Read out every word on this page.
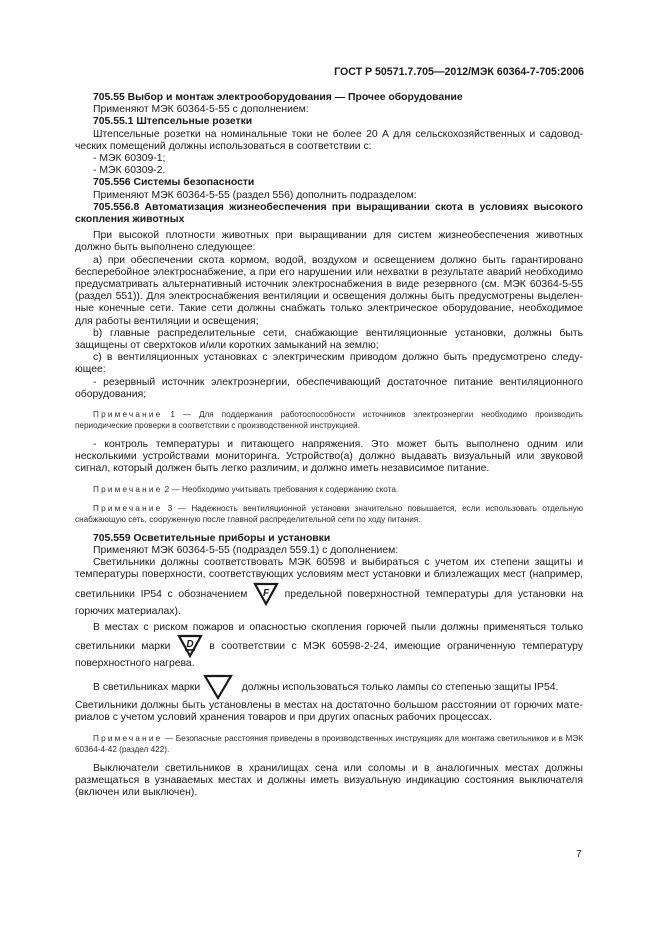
ГОСТ Р 50571.7.705—2012/МЭК 60364-7-705:2006

705.55 Выбор и монтаж электрооборудования — Прочее оборудование

Применяют МЭК 60364-5-55 с дополнением:

705.55.1 Штепсельные розетки

Штепсельные розетки на номинальные токи не более 20 А для сельскохозяйственных и садоводческих помещений должны использоваться в соответствии с:

- МЭК 60309-1;

- МЭК 60309-2.

705.556 Системы безопасности

Применяют МЭК 60364-5-55 (раздел 556) дополнить подразделом:

705.556.8 Автоматизация жизнеобеспечения при выращивании скота в условиях высокого скопления животных

При высокой плотности животных при выращивании для систем жизнеобеспечения животных должно быть выполнено следующее:

а) при обеспечении скота кормом, водой, воздухом и освещением должно быть гарантировано бесперебойное электроснабжение, а при его нарушении или нехватки в результате аварий необходимо предусматривать альтернативный источник электроснабжения в виде резервного (см. МЭК 60364-5-55 (раздел 551)). Для электроснабжения вентиляции и освещения должны быть предусмотрены выделенные конечные сети. Такие сети должны снабжать только электрическое оборудование, необходимое для работы вентиляции и освещения;

b) главные распределительные сети, снабжающие вентиляционные установки, должны быть защищены от сверхтоков и/или коротких замыканий на землю;

с) в вентиляционных установках с электрическим приводом должно быть предусмотрено следующее:

- резервный источник электроэнергии, обеспечивающий достаточное питание вентиляционного оборудования;

Примечание 1 — Для поддержания работоспособности источников электроэнергии необходимо производить периодические проверки в соответствии с производственной инструкцией.

- контроль температуры и питающего напряжения. Это может быть выполнено одним или несколькими устройствами мониторинга. Устройство(а) должно выдавать визуальный или звуковой сигнал, который должен быть легко различим, и должно иметь независимое питание.

Примечание 2 — Необходимо учитывать требования к содержанию скота.

Примечание 3 — Надежность вентиляционной установки значительно повышается, если использовать отдельную снабжающую сеть, сооруженную после главной распределительной сети по ходу питания.

705.559 Осветительные приборы и установки

Применяют МЭК 60364-5-55 (подраздел 559.1) с дополнением:

Светильники должны соответствовать МЭК 60598 и выбираться с учетом их степени защиты и температуры поверхности, соответствующих условиям мест установки и близлежащих мест (например, светильники IP54 с обозначением F предельной поверхностной температуры для установки на горючих материалах).

В местах с риском пожаров и опасностью скопления горючей пыли должны применяться только светильники марки D в соответствии с МЭК 60598-2-24, имеющие ограниченную температуру поверхностного нагрева.

В светильниках марки	должны использоваться только лампы со степенью защиты IP54.

Светильники должны быть установлены в местах на достаточно большом расстоянии от горючих материалов с учетом условий хранения товаров и при других опасных рабочих процессах.

Примечание — Безопасные расстояния приведены в производственных инструкциях для монтажа светильников и в МЭК 60364-4-42 (раздел 422).

Выключатели светильников в хранилищах сена или соломы и в аналогичных местах должны размещаться в узнаваемых местах и должны иметь визуальную индикацию состояния выключателя (включен или выключен).

7
